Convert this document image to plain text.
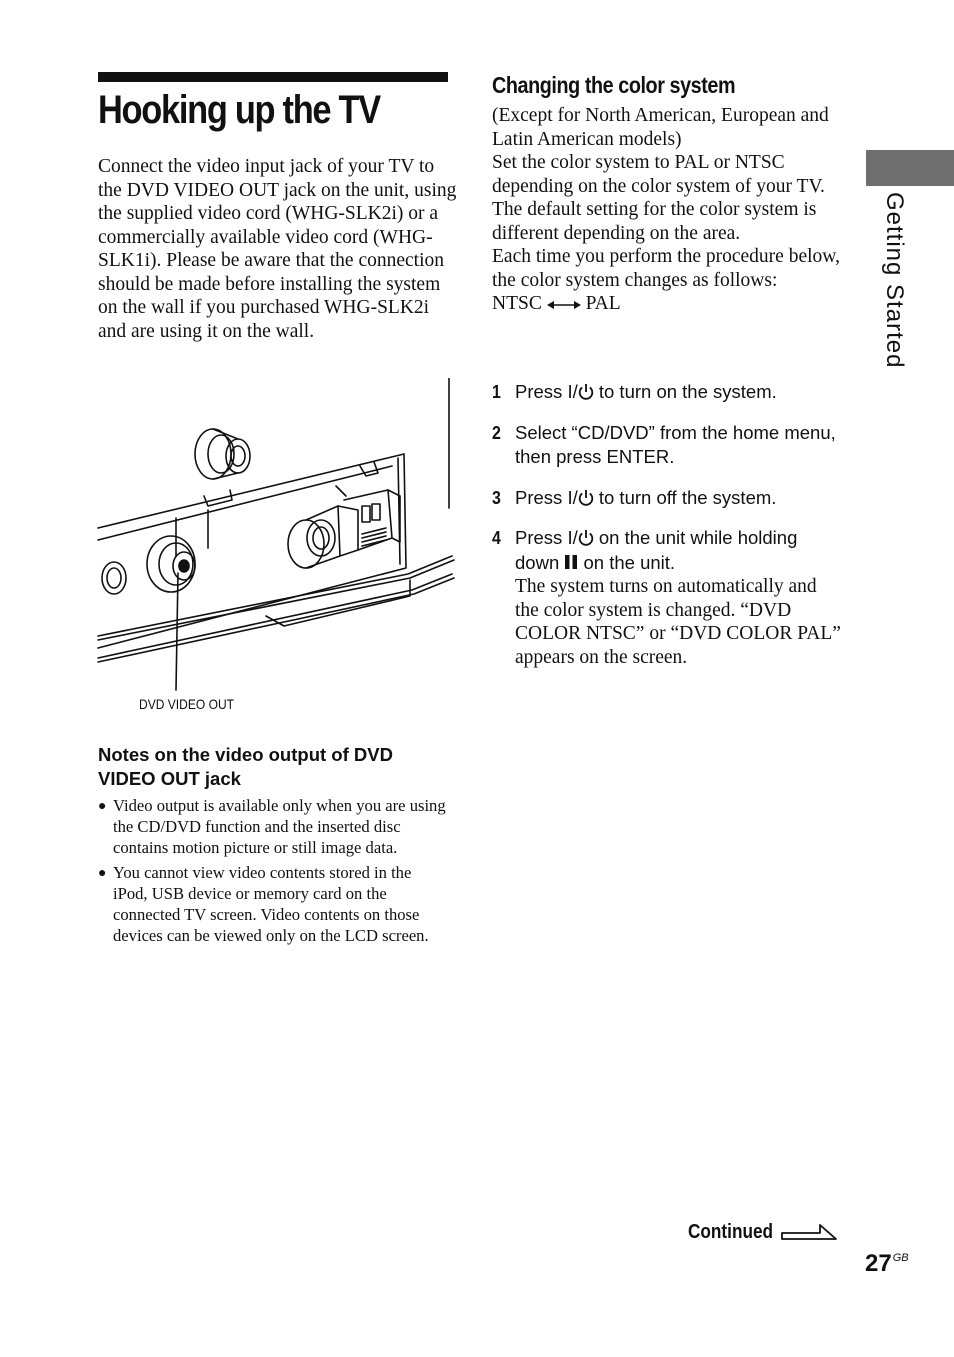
Hooking up the TV

Connect the video input jack of your TV to the DVD VIDEO OUT jack on the unit, using the supplied video cord (WHG-SLK2i) or a commercially available video cord (WHG-SLK1i). Please be aware that the connection should be made before installing the system on the wall if you purchased WHG-SLK2i and are using it on the wall.

DVD VIDEO OUT
Notes on the video output of DVD VIDEO OUT jack
● Video output is available only when you are using the CD/DVD function and the inserted disc contains motion picture or still image data.
● You cannot view video contents stored in the iPod, USB device or memory card on the connected TV screen. Video contents on those devices can be viewed only on the LCD screen.
Changing the color system
(Except for North American, European and Latin American models)
Set the color system to PAL or NTSC depending on the color system of your TV.
The default setting for the color system is different depending on the area.
Each time you perform the procedure below, the color system changes as follows:
NTSC PAL
1 Press I/ to turn on the system.
2 Select “CD/DVD” from the home menu, then press ENTER.
3 Press I/ to turn off the system.
4 Press I/ on the unit while holding down  on the unit.
The system turns on automatically and the color system is changed. “DVD COLOR NTSC” or “DVD COLOR PAL” appears on the screen.
Getting Started
Continued
$27^{GB}$
